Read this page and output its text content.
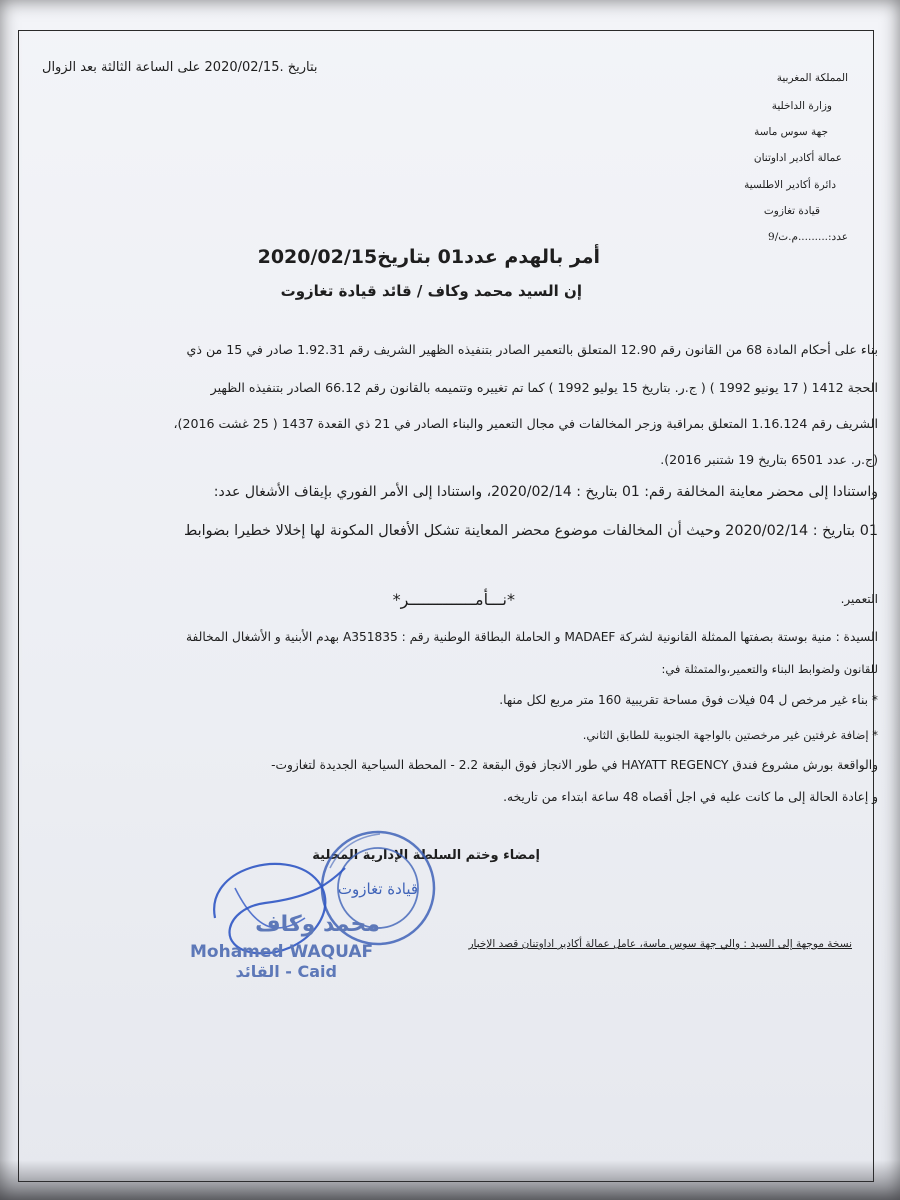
بتاريخ .2020/02/15 على الساعة الثالثة بعد الزوال
المملكة المغربية
وزارة الداخلية
جهة سوس ماسة
عمالة أكادير اداوتنان
دائرة أكادير الاطلسية
قيادة تغازوت
عدد:.........م.ت/9
أمر بالهدم عدد01 بتاريخ2020/02/15
إن السيد محمد وكاف / قائد قيادة تغازوت
بناء على أحكام المادة 68 من القانون رقم 12.90 المتعلق بالتعمير الصادر بتنفيذه الظهير الشريف رقم 1.92.31 صادر في 15 من ذي
الحجة 1412 ( 17 يونيو 1992 ) ( ج.ر. بتاريخ 15 يوليو 1992 ) كما تم تغييره وتتميمه بالقانون رقم 66.12 الصادر بتنفيذه الظهير
الشريف رقم 1.16.124 المتعلق بمراقبة وزجر المخالفات في مجال التعمير والبناء الصادر في 21 ذي القعدة 1437 ( 25 غشت 2016)،
(ج.ر. عدد 6501 بتاريخ 19 شتنبر 2016).
واستنادا إلى محضر معاينة المخالفة رقم: 01 بتاريخ : 2020/02/14، واستنادا إلى الأمر الفوري بإيقاف الأشغال عدد:
01 بتاريخ : 2020/02/14 وحيث أن المخالفات موضوع محضر المعاينة تشكل الأفعال المكونة لها إخلالا خطيرا بضوابط
التعمير.
*نـــأمــــــــــــــر*
السيدة : منية بوستة بصفتها الممثلة القانونية لشركة MADAEF و الحاملة البطاقة الوطنية رقم : A351835 بهدم الأبنية و الأشغال المخالفة
للقانون ولضوابط البناء والتعمير،والمتمثلة في:
* بناء غير مرخص ل 04 فيلات فوق مساحة تقريبية 160 متر مربع لكل منها.
* إضافة غرفتين غير مرخصتين بالواجهة الجنوبية للطابق الثاني.
والواقعة بورش مشروع فندق HAYATT REGENCY في طور الانجاز فوق البقعة 2.2 - المحطة السياحية الجديدة لتغازوت-
و إعادة الحالة إلى ما كانت عليه في اجل أقصاه 48 ساعة ابتداء من تاريخه.
إمضاء وختم السلطة الإدارية المحلية
قيادة تغازوت
محمد وكاف
Mohamed WAQUAF
Caid - القائد
نسخة موجهة إلى السيد : والي جهة سوس ماسة، عامل عمالة أكادير اداوتنان قصد الإخبار
